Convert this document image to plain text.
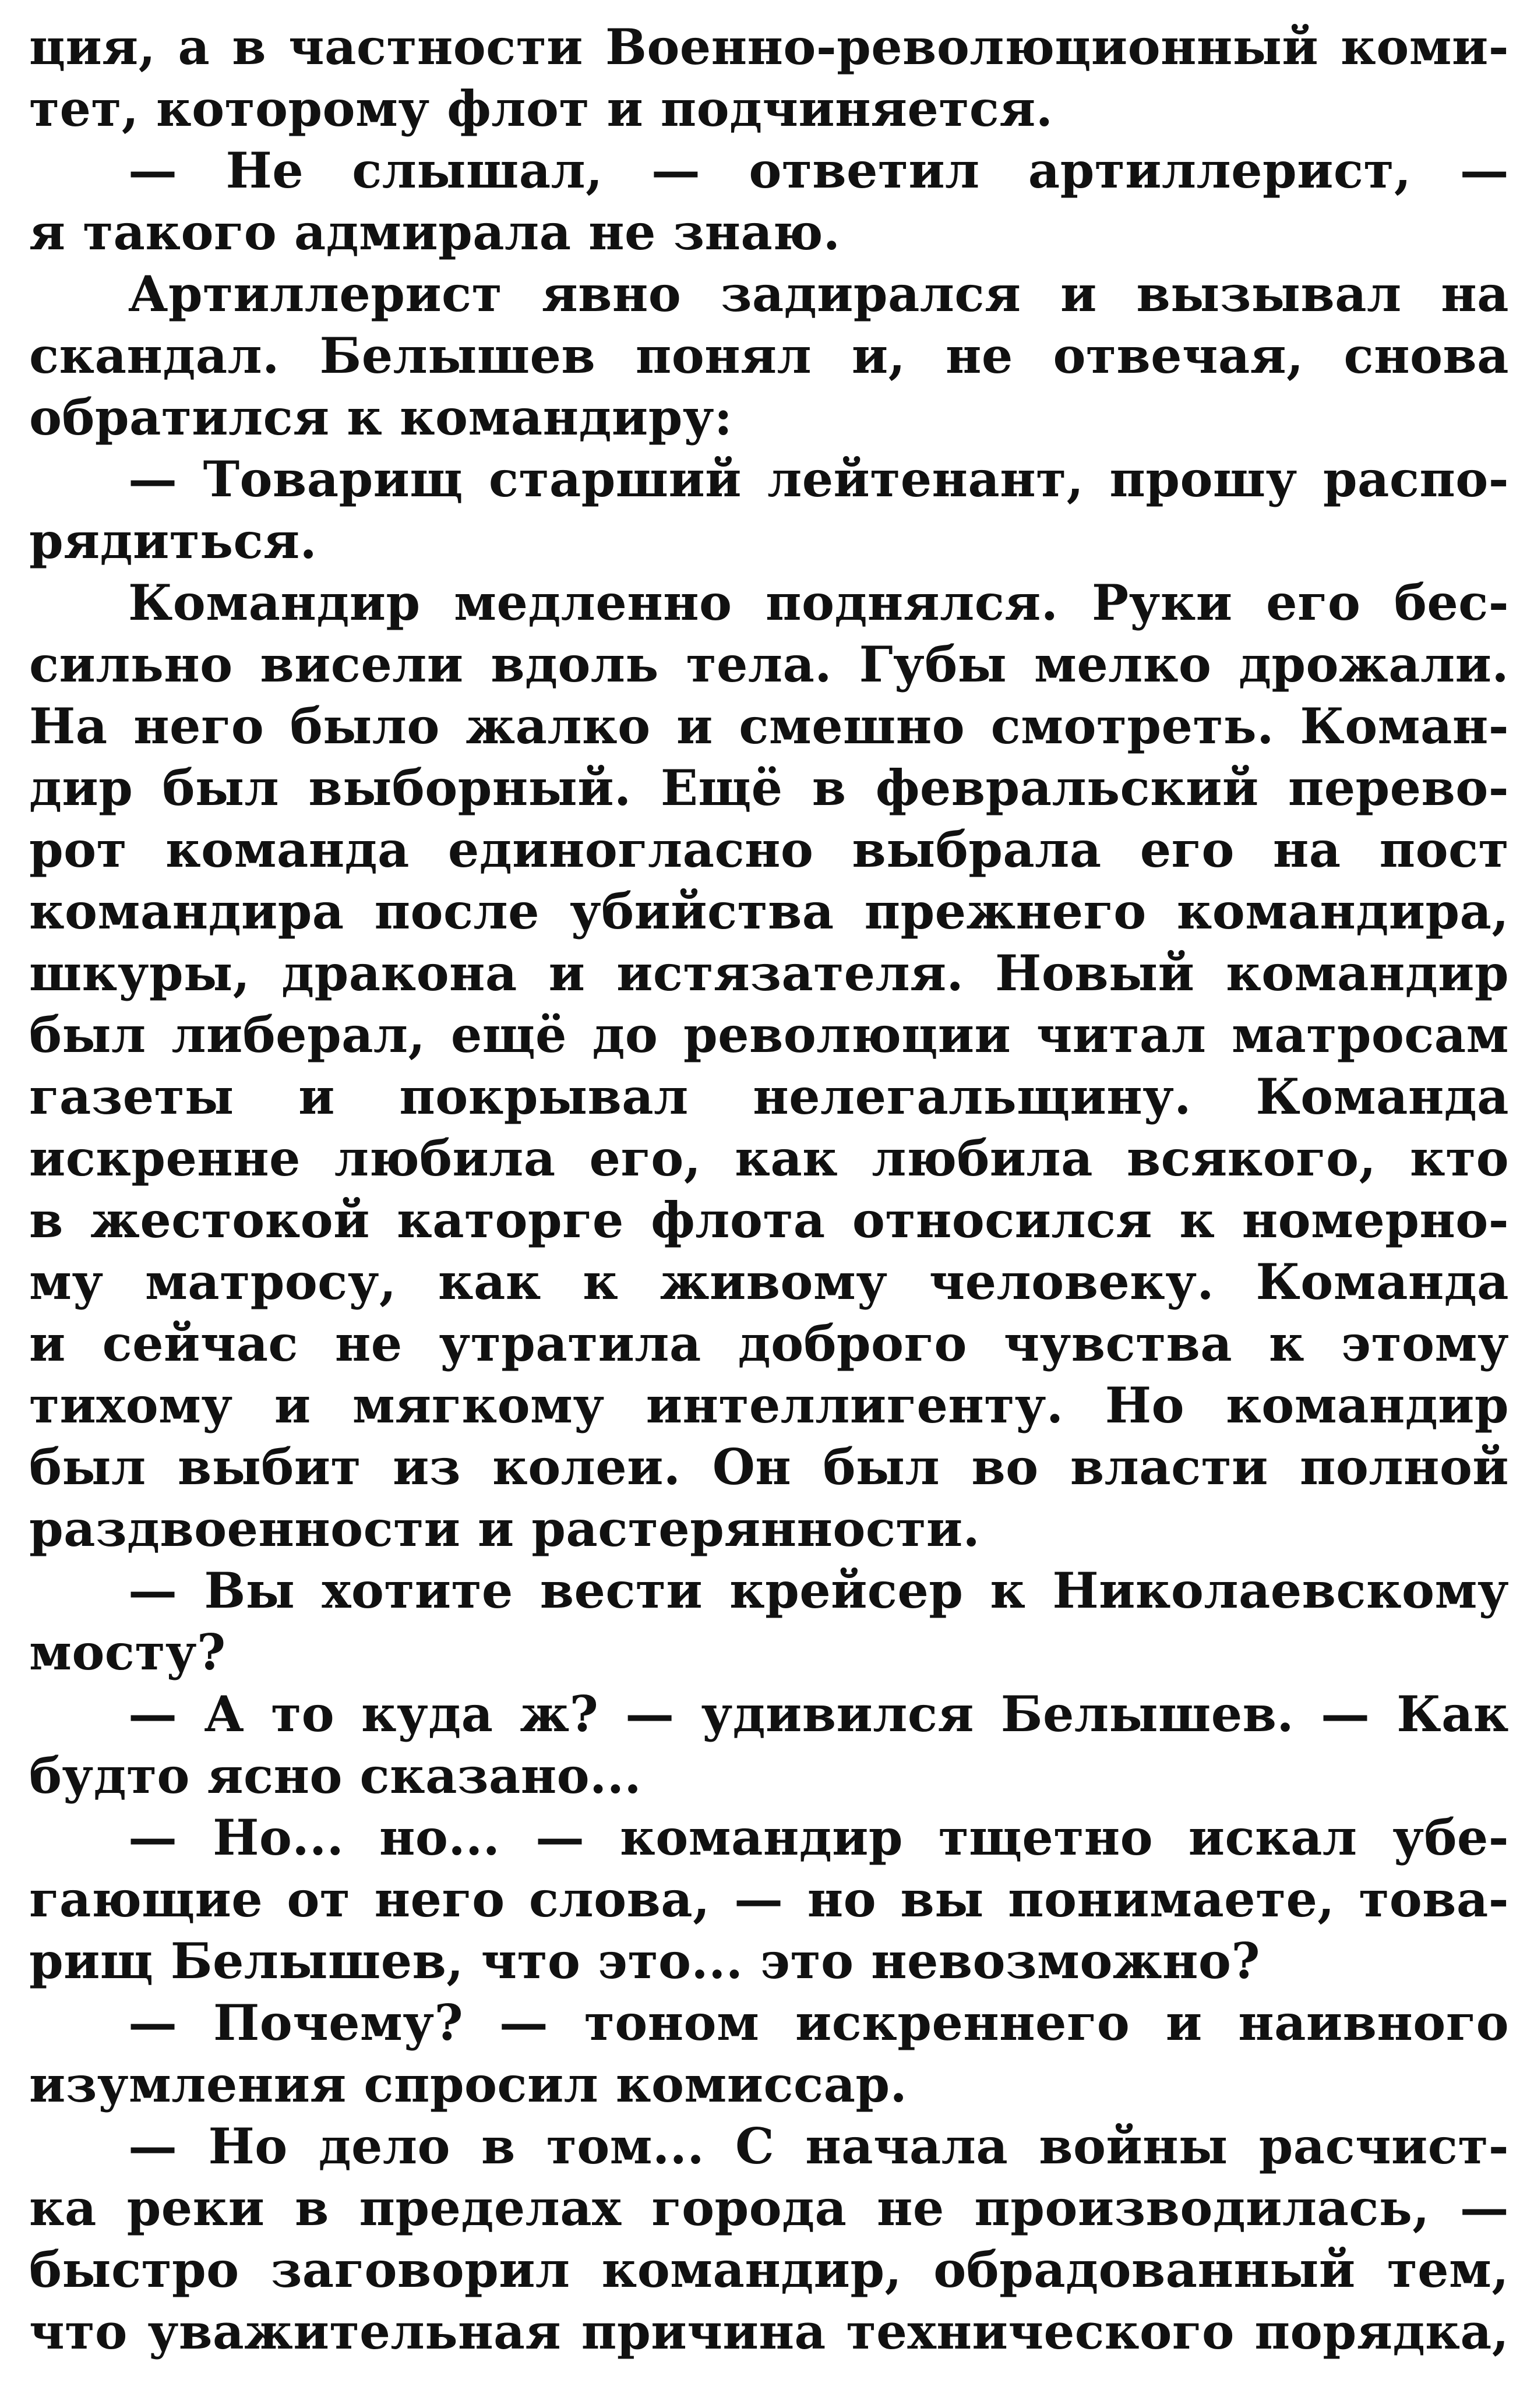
ция, а в частности Военно-революционный коми-
тет, которому флот и подчиняется.
— Не слышал, — ответил артиллерист, —
я такого адмирала не знаю.
Артиллерист явно задирался и вызывал на
скандал. Белышев понял и, не отвечая, снова
обратился к командиру:
— Товарищ старший лейтенант, прошу распо-
рядиться.
Командир медленно поднялся. Руки его бес-
сильно висели вдоль тела. Губы мелко дрожали.
На него было жалко и смешно смотреть. Коман-
дир был выборный. Ещё в февральский перево-
рот команда единогласно выбрала его на пост
командира после убийства прежнего командира,
шкуры, дракона и истязателя. Новый командир
был либерал, ещё до революции читал матросам
газеты и покрывал нелегальщину. Команда
искренне любила его, как любила всякого, кто
в жестокой каторге флота относился к номерно-
му матросу, как к живому человеку. Команда
и сейчас не утратила доброго чувства к этому
тихому и мягкому интеллигенту. Но командир
был выбит из колеи. Он был во власти полной
раздвоенности и растерянности.
— Вы хотите вести крейсер к Николаевскому
мосту?
— А то куда ж? — удивился Белышев. — Как
будто ясно сказано...
— Но... но... — командир тщетно искал убе-
гающие от него слова, — но вы понимаете, това-
рищ Белышев, что это... это невозможно?
— Почему? — тоном искреннего и наивного
изумления спросил комиссар.
— Но дело в том... С начала войны расчист-
ка реки в пределах города не производилась, —
быстро заговорил командир, обрадованный тем,
что уважительная причина технического порядка,
